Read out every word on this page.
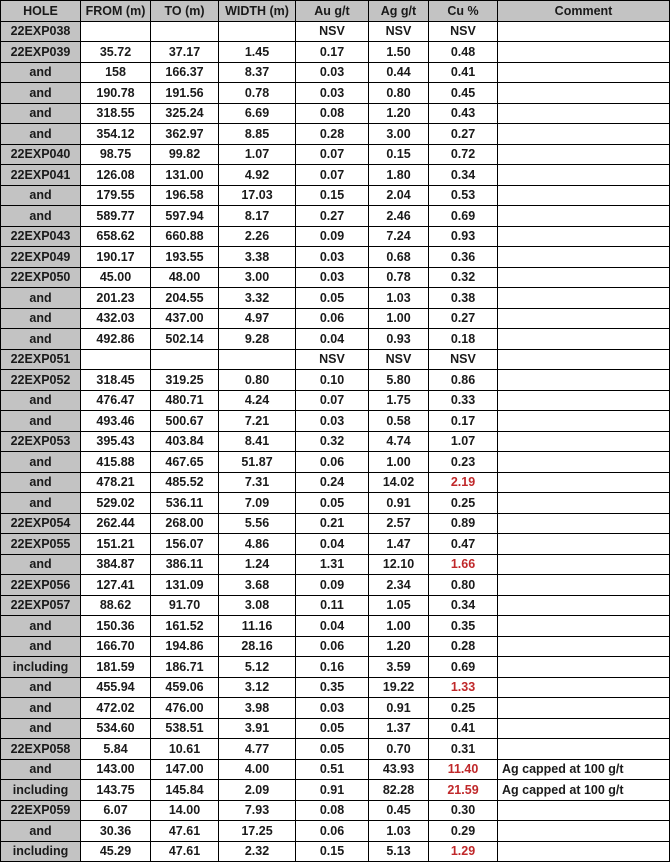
HOLE	FROM (m)	TO (m)	WIDTH (m)	Au g/t	Ag g/t	Cu %	Comment
22EXP038				NSV	NSV	NSV	
22EXP039	35.72	37.17	1.45	0.17	1.50	0.48	
and	158	166.37	8.37	0.03	0.44	0.41	
and	190.78	191.56	0.78	0.03	0.80	0.45	
and	318.55	325.24	6.69	0.08	1.20	0.43	
and	354.12	362.97	8.85	0.28	3.00	0.27	
22EXP040	98.75	99.82	1.07	0.07	0.15	0.72	
22EXP041	126.08	131.00	4.92	0.07	1.80	0.34	
and	179.55	196.58	17.03	0.15	2.04	0.53	
and	589.77	597.94	8.17	0.27	2.46	0.69	
22EXP043	658.62	660.88	2.26	0.09	7.24	0.93	
22EXP049	190.17	193.55	3.38	0.03	0.68	0.36	
22EXP050	45.00	48.00	3.00	0.03	0.78	0.32	
and	201.23	204.55	3.32	0.05	1.03	0.38	
and	432.03	437.00	4.97	0.06	1.00	0.27	
and	492.86	502.14	9.28	0.04	0.93	0.18	
22EXP051				NSV	NSV	NSV	
22EXP052	318.45	319.25	0.80	0.10	5.80	0.86	
and	476.47	480.71	4.24	0.07	1.75	0.33	
and	493.46	500.67	7.21	0.03	0.58	0.17	
22EXP053	395.43	403.84	8.41	0.32	4.74	1.07	
and	415.88	467.65	51.87	0.06	1.00	0.23	
and	478.21	485.52	7.31	0.24	14.02	2.19	
and	529.02	536.11	7.09	0.05	0.91	0.25	
22EXP054	262.44	268.00	5.56	0.21	2.57	0.89	
22EXP055	151.21	156.07	4.86	0.04	1.47	0.47	
and	384.87	386.11	1.24	1.31	12.10	1.66	
22EXP056	127.41	131.09	3.68	0.09	2.34	0.80	
22EXP057	88.62	91.70	3.08	0.11	1.05	0.34	
and	150.36	161.52	11.16	0.04	1.00	0.35	
and	166.70	194.86	28.16	0.06	1.20	0.28	
including	181.59	186.71	5.12	0.16	3.59	0.69	
and	455.94	459.06	3.12	0.35	19.22	1.33	
and	472.02	476.00	3.98	0.03	0.91	0.25	
and	534.60	538.51	3.91	0.05	1.37	0.41	
22EXP058	5.84	10.61	4.77	0.05	0.70	0.31	
and	143.00	147.00	4.00	0.51	43.93	11.40	Ag capped at 100 g/t
including	143.75	145.84	2.09	0.91	82.28	21.59	Ag capped at 100 g/t
22EXP059	6.07	14.00	7.93	0.08	0.45	0.30	
and	30.36	47.61	17.25	0.06	1.03	0.29	
including	45.29	47.61	2.32	0.15	5.13	1.29	
